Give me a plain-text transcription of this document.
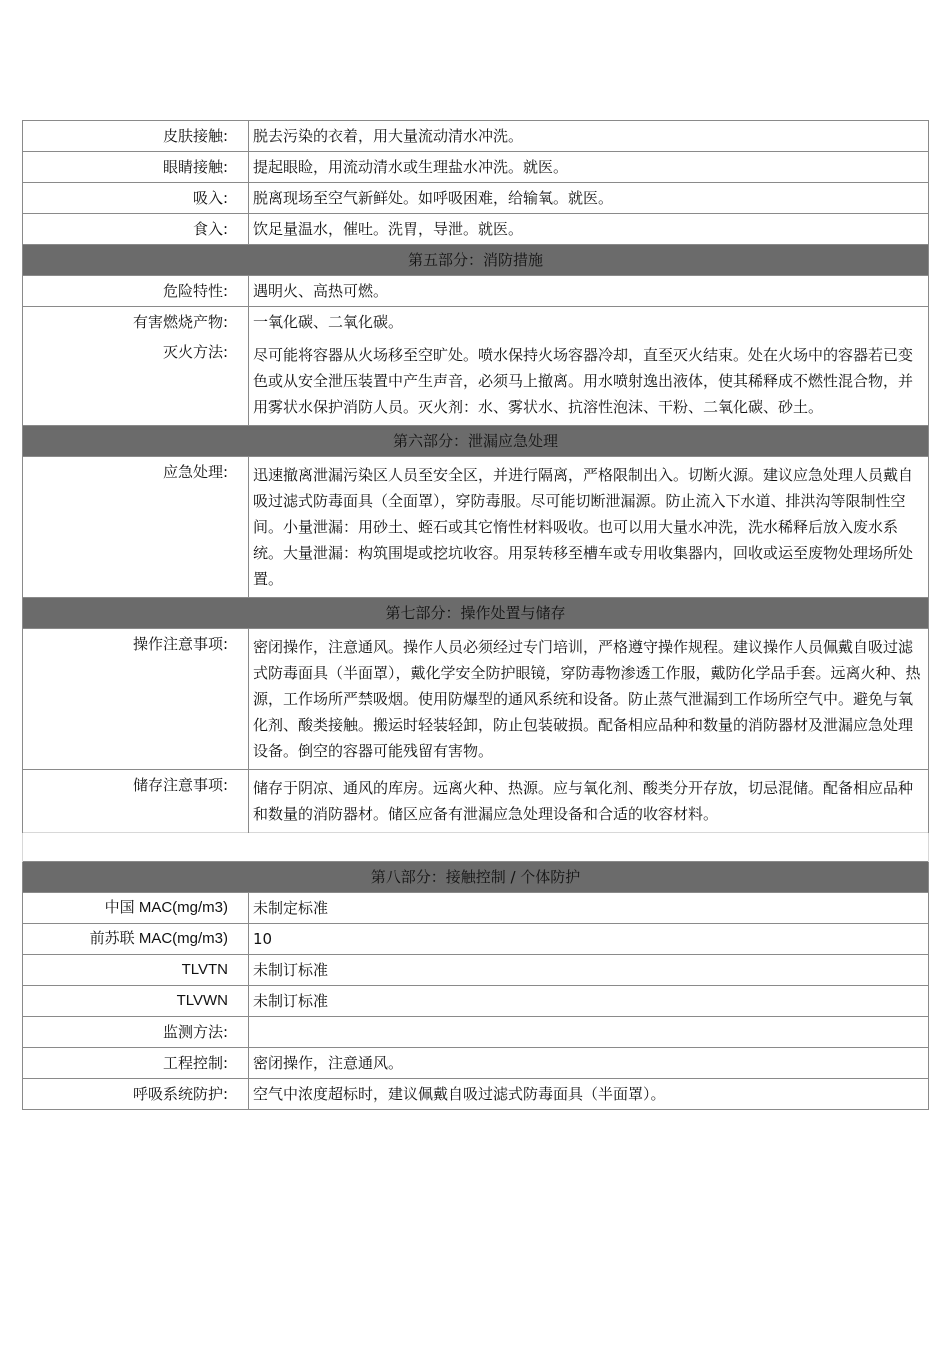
皮肤接触:	脱去污染的衣着，用大量流动清水冲洗。
眼睛接触:	提起眼睑，用流动清水或生理盐水冲洗。就医。
吸入:	脱离现场至空气新鲜处。如呼吸困难，给输氧。就医。
食入:	饮足量温水，催吐。洗胃，导泄。就医。
第五部分：消防措施	
危险特性:	遇明火、高热可燃。
有害燃烧产物:	一氧化碳、二氧化碳。
灭火方法:	尽可能将容器从火场移至空旷处。喷水保持火场容器冷却，直至灭火结束。处在火场中的容器若已变色或从安全泄压装置中产生声音，必须马上撤离。用水喷射逸出液体，使其稀释成不燃性混合物，并用雾状水保护消防人员。灭火剂：水、雾状水、抗溶性泡沫、干粉、二氧化碳、砂土。
第六部分：泄漏应急处理	
应急处理:	迅速撤离泄漏污染区人员至安全区，并进行隔离，严格限制出入。切断火源。建议应急处理人员戴自吸过滤式防毒面具（全面罩），穿防毒服。尽可能切断泄漏源。防止流入下水道、排洪沟等限制性空间。小量泄漏：用砂土、蛭石或其它惰性材料吸收。也可以用大量水冲洗，洗水稀释后放入废水系统。大量泄漏：构筑围堤或挖坑收容。用泵转移至槽车或专用收集器内，回收或运至废物处理场所处置。
第七部分：操作处置与储存	
操作注意事项:	密闭操作，注意通风。操作人员必须经过专门培训，严格遵守操作规程。建议操作人员佩戴自吸过滤式防毒面具（半面罩），戴化学安全防护眼镜，穿防毒物渗透工作服，戴防化学品手套。远离火种、热源，工作场所严禁吸烟。使用防爆型的通风系统和设备。防止蒸气泄漏到工作场所空气中。避免与氧化剂、酸类接触。搬运时轻装轻卸，防止包装破损。配备相应品种和数量的消防器材及泄漏应急处理设备。倒空的容器可能残留有害物。
储存注意事项:	储存于阴凉、通风的库房。远离火种、热源。应与氧化剂、酸类分开存放，切忌混储。配备相应品种和数量的消防器材。储区应备有泄漏应急处理设备和合适的收容材料。

第八部分：接触控制 / 个体防护	
中国 MAC(mg/m3)	未制定标准
前苏联 MAC(mg/m3)	10
TLVTN	未制订标准
TLVWN	未制订标准
监测方法:	
工程控制:	密闭操作，注意通风。
呼吸系统防护:	空气中浓度超标时，建议佩戴自吸过滤式防毒面具（半面罩）。
